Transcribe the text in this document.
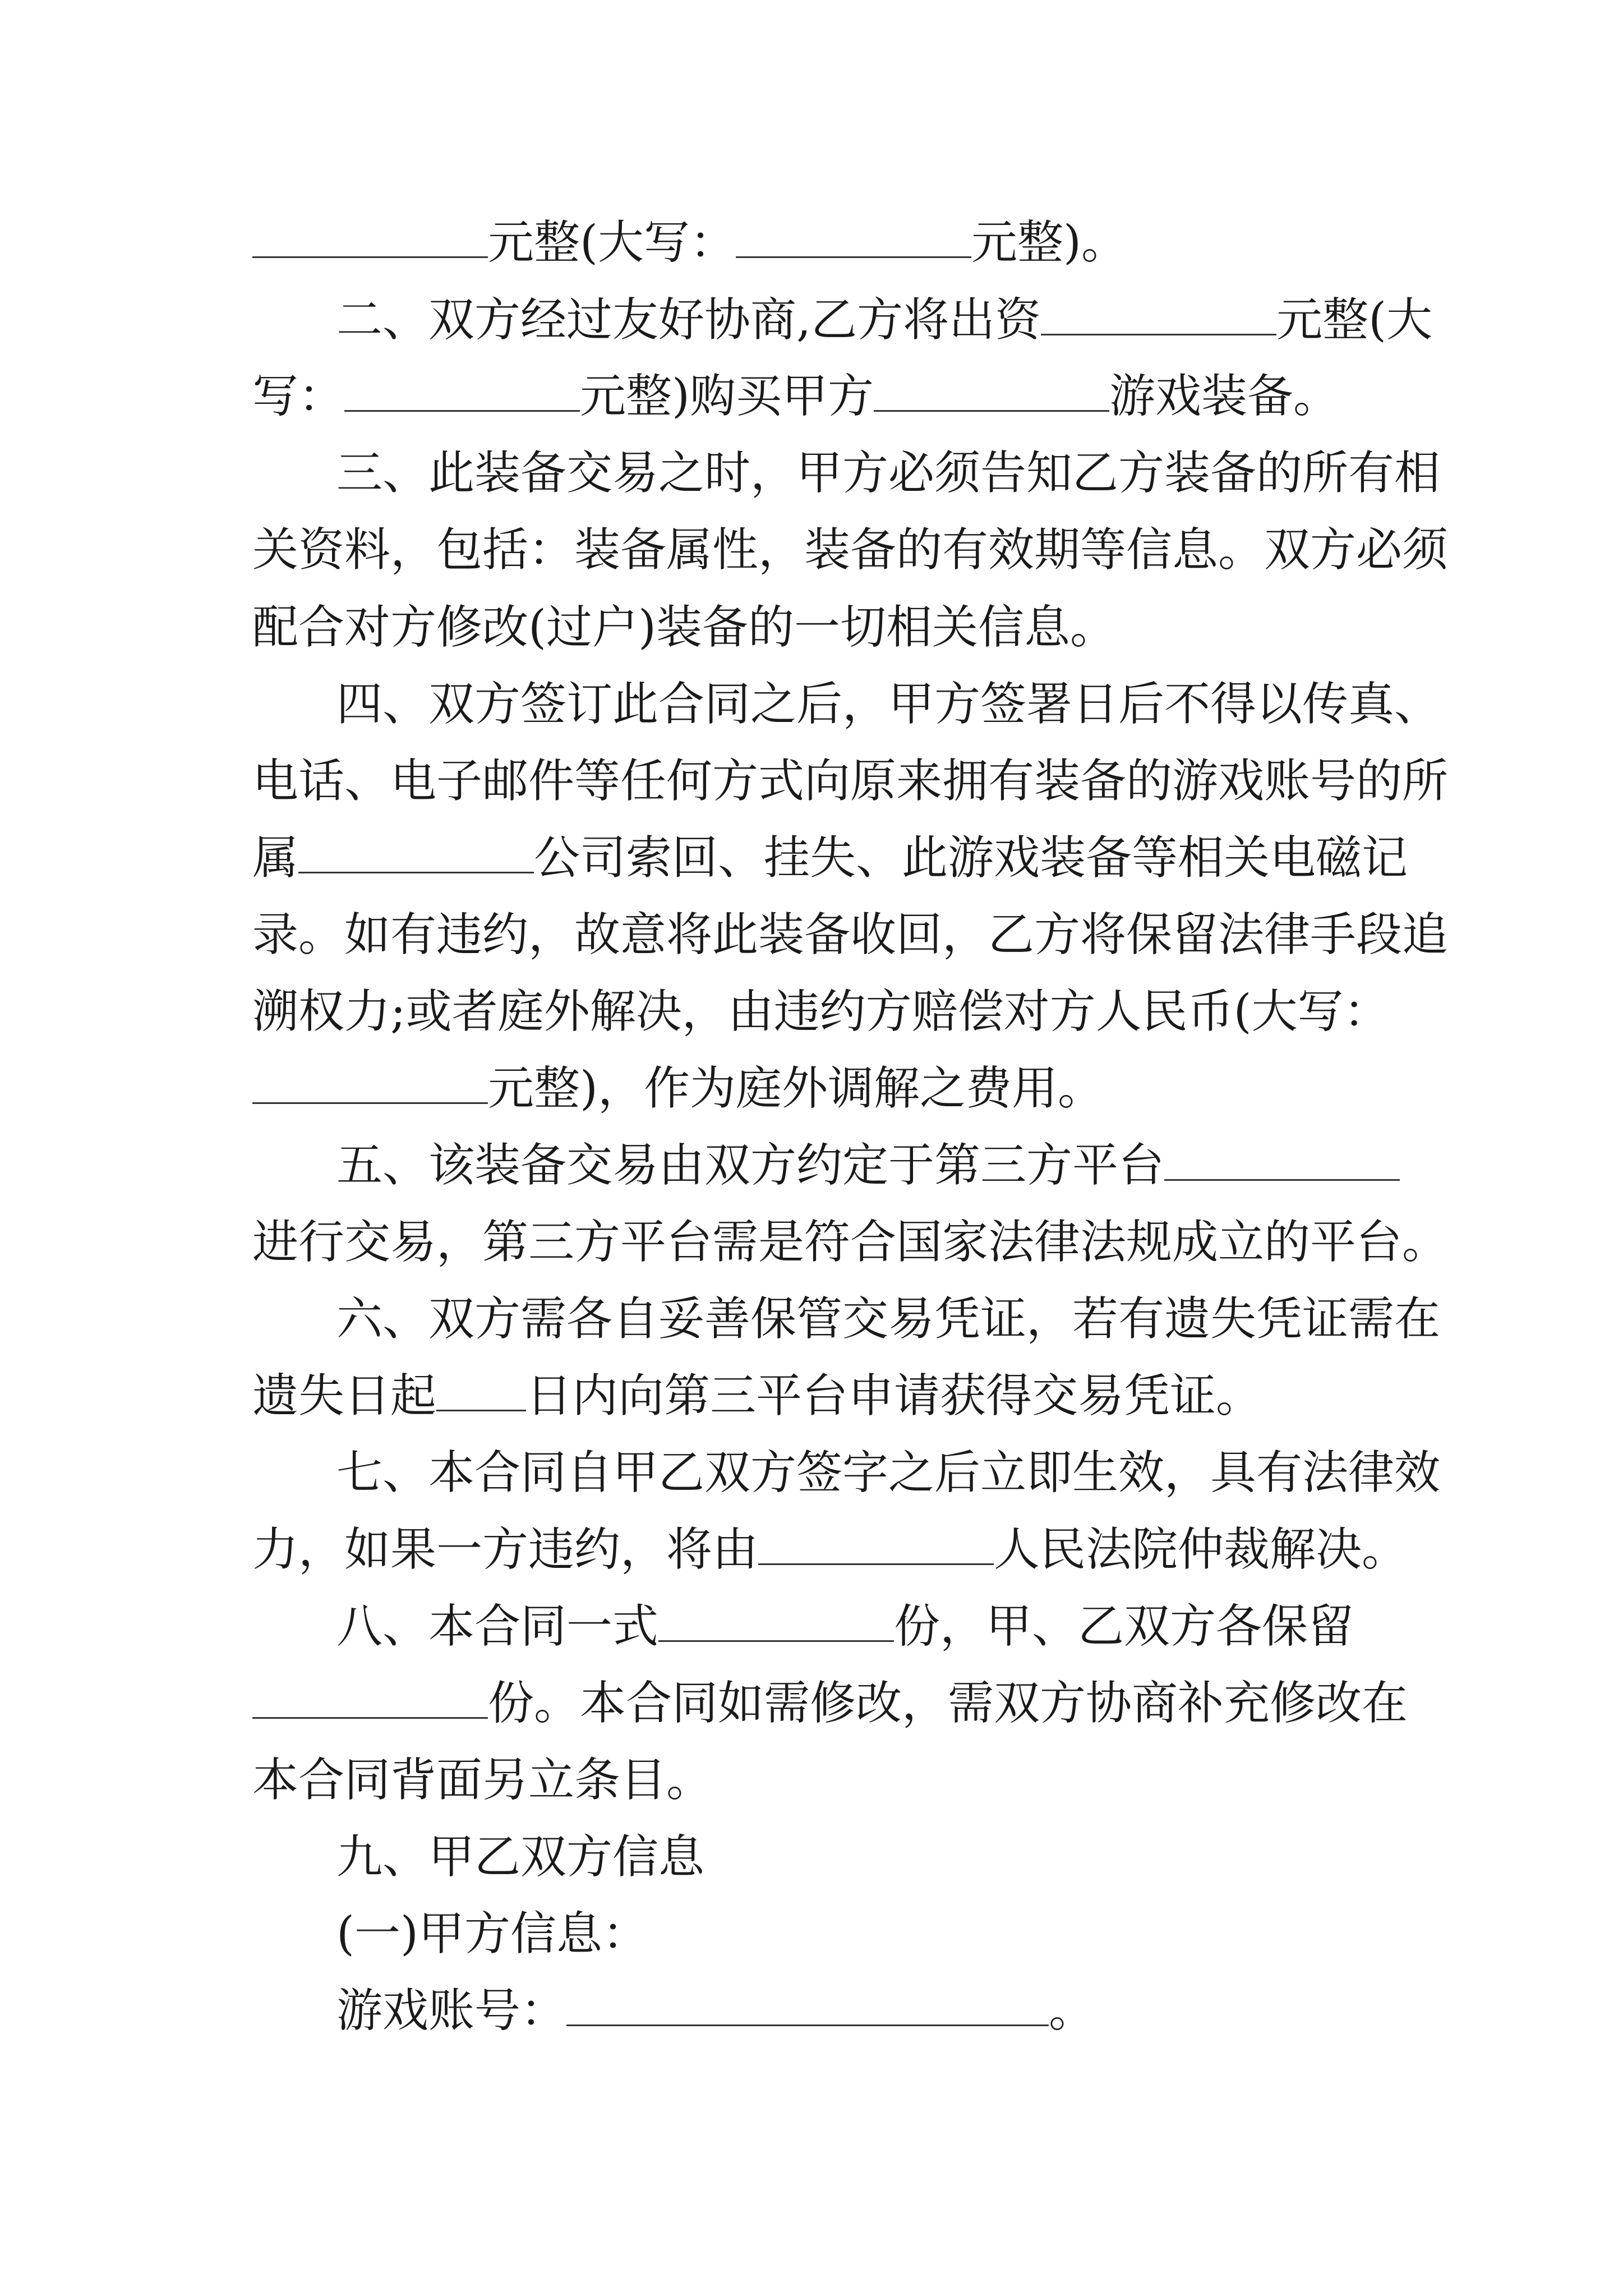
元整(大写：	元整)。
二、双方经过友好协商,乙方将出资	元整(大
写：	元整)购买甲方	游戏装备。
三、此装备交易之时，甲方必须告知乙方装备的所有相
关资料，包括：装备属性，装备的有效期等信息。双方必须
配合对方修改(过户)装备的一切相关信息。
四、双方签订此合同之后，甲方签署日后不得以传真、
电话、电子邮件等任何方式向原来拥有装备的游戏账号的所
属	公司索回、挂失、此游戏装备等相关电磁记
录。如有违约，故意将此装备收回，乙方将保留法律手段追
溯权力;或者庭外解决，由违约方赔偿对方人民币(大写：
元整)，作为庭外调解之费用。
五、该装备交易由双方约定于第三方平台
进行交易，第三方平台需是符合国家法律法规成立的平台。
六、双方需各自妥善保管交易凭证，若有遗失凭证需在
遗失日起 日内向第三平台申请获得交易凭证。
七、本合同自甲乙双方签字之后立即生效，具有法律效
力，如果一方违约，将由	人民法院仲裁解决。
八、本合同一式	份，甲、乙双方各保留
份。本合同如需修改，需双方协商补充修改在
本合同背面另立条目。
九、甲乙双方信息
(一)甲方信息：
游戏账号：	。
